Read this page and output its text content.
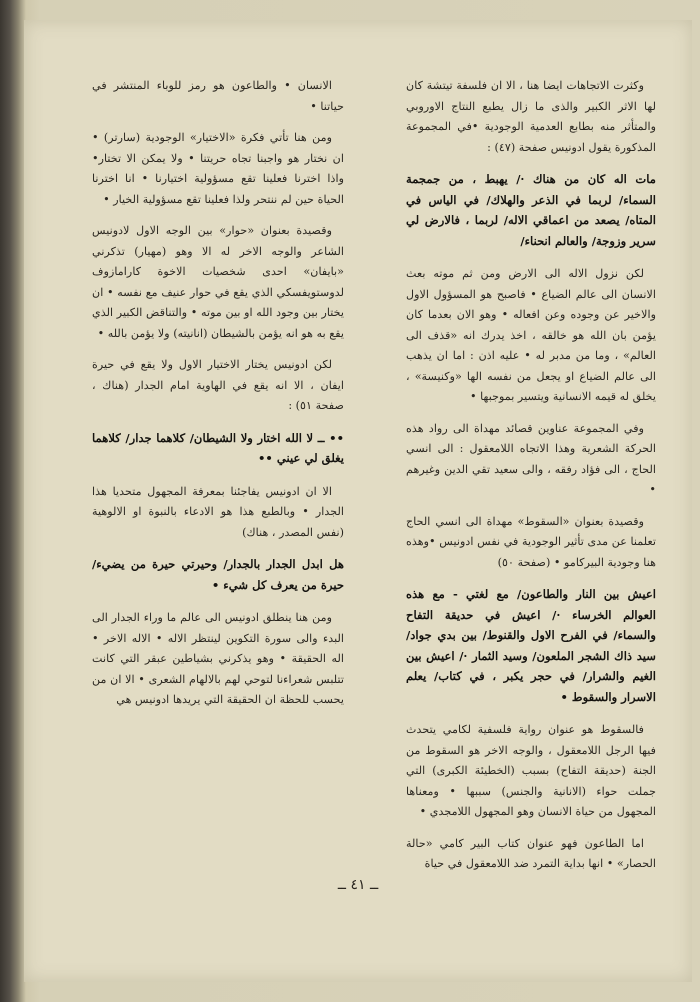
وكثرت الاتجاهات ايضا هنا ، الا ان فلسفة تيتشة كان لها الاثر الكبير والذى ما زال يطبع النتاج الاوروبي والمتأثر منه بطابع العدمية الوجودية •في المجموعة المذكورة يقول ادونيس صفحة (٤٧) :

مات اله كان من هناك ·/ يهبط ، من جمجمة السماء/ لربما في الذعر والهلاك/ في الياس في المتاه/ يصعد من اعماقي الاله/ لربما ، فالارض لي سرير وزوجة/ والعالم انحناء/

لكن نزول الاله الى الارض ومن ثم موته بعث الانسان الى عالم الضياع • فاصبح هو المسؤول الاول والاخير عن وجوده وعن افعاله • وهو الان بعدما كان يؤمن بان الله هو خالقه ، اخذ يدرك انه «قذف الى العالم» ، وما من مدبر له • عليه اذن : اما ان يذهب الى عالم الضياع او يجعل من نفسه الها «وكنيسة» ، يخلق له قيمه الانسانية ويتسير بموجبها •

وفي المجموعة عناوين قصائد مهداة الى رواد هذه الحركة الشعرية وهذا الاتجاه اللامعقول : الى انسي الحاج ، الى فؤاد رفقه ، والى سعيد تقي الدين وغيرهم •

وقصيدة بعنوان «السقوط» مهداة الى انسي الحاج تعلمنا عن مدى تأثير الوجودية في نفس ادونيس •وهذه هنا وجودية البيركامو • (صفحة ٥٠)

اعيش بين النار والطاعون/ مع لغتي - مع هذه العوالم الخرساء ·/ اعيش في حديقة التفاح والسماء/ في الفرح الاول والقنوط/ بين بدي جواد/ سيد ذاك الشجر الملعون/ وسيد الثمار ·/ اعيش بين الغيم والشرار/ في حجر يكبر ، في كتاب/ يعلم الاسرار والسقوط •

فالسقوط هو عنوان رواية فلسفية لكامي يتحدث فيها الرجل اللامعقول ، والوجه الاخر هو السقوط من الجنة (حديقة التفاح) بسبب (الخطيئة الكبرى) التي جملت حواء (الانانية والجنس) سببها • ومعناها المجهول من حياة الانسان وهو المجهول اللامجدي •

اما الطاعون فهو عنوان كتاب البير كامي «حالة الحصار» • انها بداية التمرد ضد اللامعقول في حياة

الانسان • والطاعون هو رمز للوباء المنتشر في حياتنا •

ومن هنا تأتي فكرة «الاختيار» الوجودية (سارتر) • ان نختار هو واجبنا تجاه حريتنا • ولا يمكن الا تختار• واذا اخترنا فعلينا تقع مسؤولية اختيارنا • انا اخترنا الحياة حين لم ننتحر ولذا فعلينا تقع مسؤولية الخيار •

وقصيدة بعنوان «حوار» بين الوجه الاول لادونيس الشاعر والوجه الاخر له الا وهو (مهيار) تذكرني «بايفان» احدى شخصيات الاخوة كارامازوف لدوستويفسكي الذي يقع في حوار عنيف مع نفسه • ان يختار بين وجود الله او بين موته • والتناقض الكبير الذي يقع به هو انه يؤمن بالشيطان (انانيته) ولا يؤمن بالله •

لكن ادونيس يختار الاختيار الاول ولا يقع في حيرة ايفان ، الا انه يقع في الهاوية امام الجدار (هناك ، صفحة ٥١) :

•• ــ لا الله اختار ولا الشيطان/ كلاهما جدار/ كلاهما يغلق لي عيني ••

الا ان ادونيس يفاجئنا بمعرفة المجهول متحديا هذا الجدار • وبالطبع هذا هو الادعاء بالنبوة او الالوهية (نفس المصدر ، هناك)

هل ابدل الجدار بالجدار/ وحيرتي حيرة من يضيء/ حيرة من يعرف كل شيء •

ومن هنا ينطلق ادونيس الى عالم ما وراء الجدار الى البدء والى سورة التكوين لينتظر الاله • الاله الاخر • اله الحقيقة • وهو يذكرني بشياطين عبقر التي كانت تتلبس شعراءنا لتوحي لهم بالالهام الشعرى • الا ان من يحسب للحظة ان الحقيقة التي يريدها ادونيس هي

ــ ٤١ ــ
